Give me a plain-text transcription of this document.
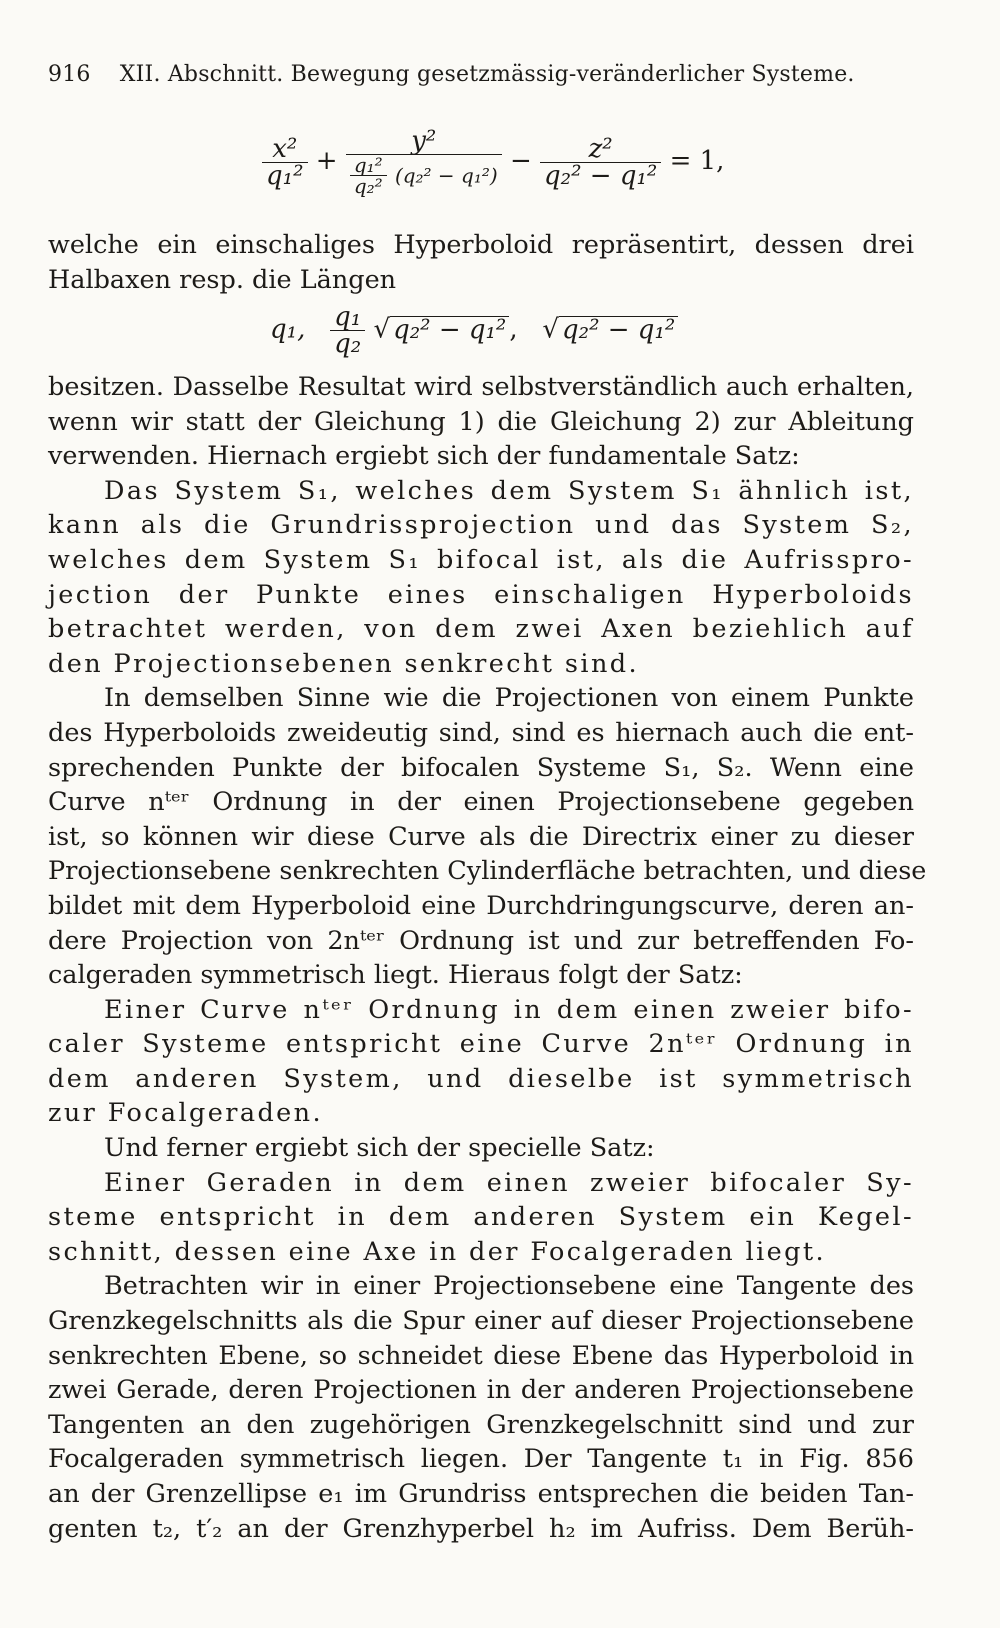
916 XII. Abschnitt. Bewegung gesetzmässig-veränderlicher Systeme.
$\frac{\text{x²}}{\text{q₁²}} + \frac{\text{y²}}{\frac{\text{q₁²}}{\text{q₂²}} (q_2^2 - q_1^2)} - \frac{\text{z²}}{\text{q₂² − q₁²}} = 1$,
welche ein einschaliges Hyperboloid repräsentirt, dessen drei
Halbaxen resp. die Längen
q₁, $\frac{\text{q₁}}{\text{q₂}}$ √ q₂² − q₁² , √ q₂² − q₁²
besitzen. Dasselbe Resultat wird selbstverständlich auch erhalten,
wenn wir statt der Gleichung 1) die Gleichung 2) zur Ableitung
verwenden. Hiernach ergiebt sich der fundamentale Satz:
Das System S₁, welches dem System S₁ ähnlich ist,
kann als die Grundrissprojection und das System S₂,
welches dem System S₁ bifocal ist, als die Aufrisspro-
jection der Punkte eines einschaligen Hyperboloids
betrachtet werden, von dem zwei Axen beziehlich auf
den Projectionsebenen senkrecht sind.
In demselben Sinne wie die Projectionen von einem Punkte
des Hyperboloids zweideutig sind, sind es hiernach auch die ent-
sprechenden Punkte der bifocalen Systeme S₁, S₂. Wenn eine
Curve nᵗᵉʳ Ordnung in der einen Projectionsebene gegeben
ist, so können wir diese Curve als die Directrix einer zu dieser
Projectionsebene senkrechten Cylinderfläche betrachten, und diese
bildet mit dem Hyperboloid eine Durchdringungscurve, deren an-
dere Projection von 2nᵗᵉʳ Ordnung ist und zur betreffenden Fo-
calgeraden symmetrisch liegt. Hieraus folgt der Satz:
Einer Curve nᵗᵉʳ Ordnung in dem einen zweier bifo-
caler Systeme entspricht eine Curve 2nᵗᵉʳ Ordnung in
dem anderen System, und dieselbe ist symmetrisch
zur Focalgeraden.
Und ferner ergiebt sich der specielle Satz:
Einer Geraden in dem einen zweier bifocaler Sy-
steme entspricht in dem anderen System ein Kegel-
schnitt, dessen eine Axe in der Focalgeraden liegt.
Betrachten wir in einer Projectionsebene eine Tangente des
Grenzkegelschnitts als die Spur einer auf dieser Projectionsebene
senkrechten Ebene, so schneidet diese Ebene das Hyperboloid in
zwei Gerade, deren Projectionen in der anderen Projectionsebene
Tangenten an den zugehörigen Grenzkegelschnitt sind und zur
Focalgeraden symmetrisch liegen. Der Tangente t₁ in Fig. 856
an der Grenzellipse e₁ im Grundriss entsprechen die beiden Tan-
genten t₂, t′₂ an der Grenzhyperbel h₂ im Aufriss. Dem Berüh-
